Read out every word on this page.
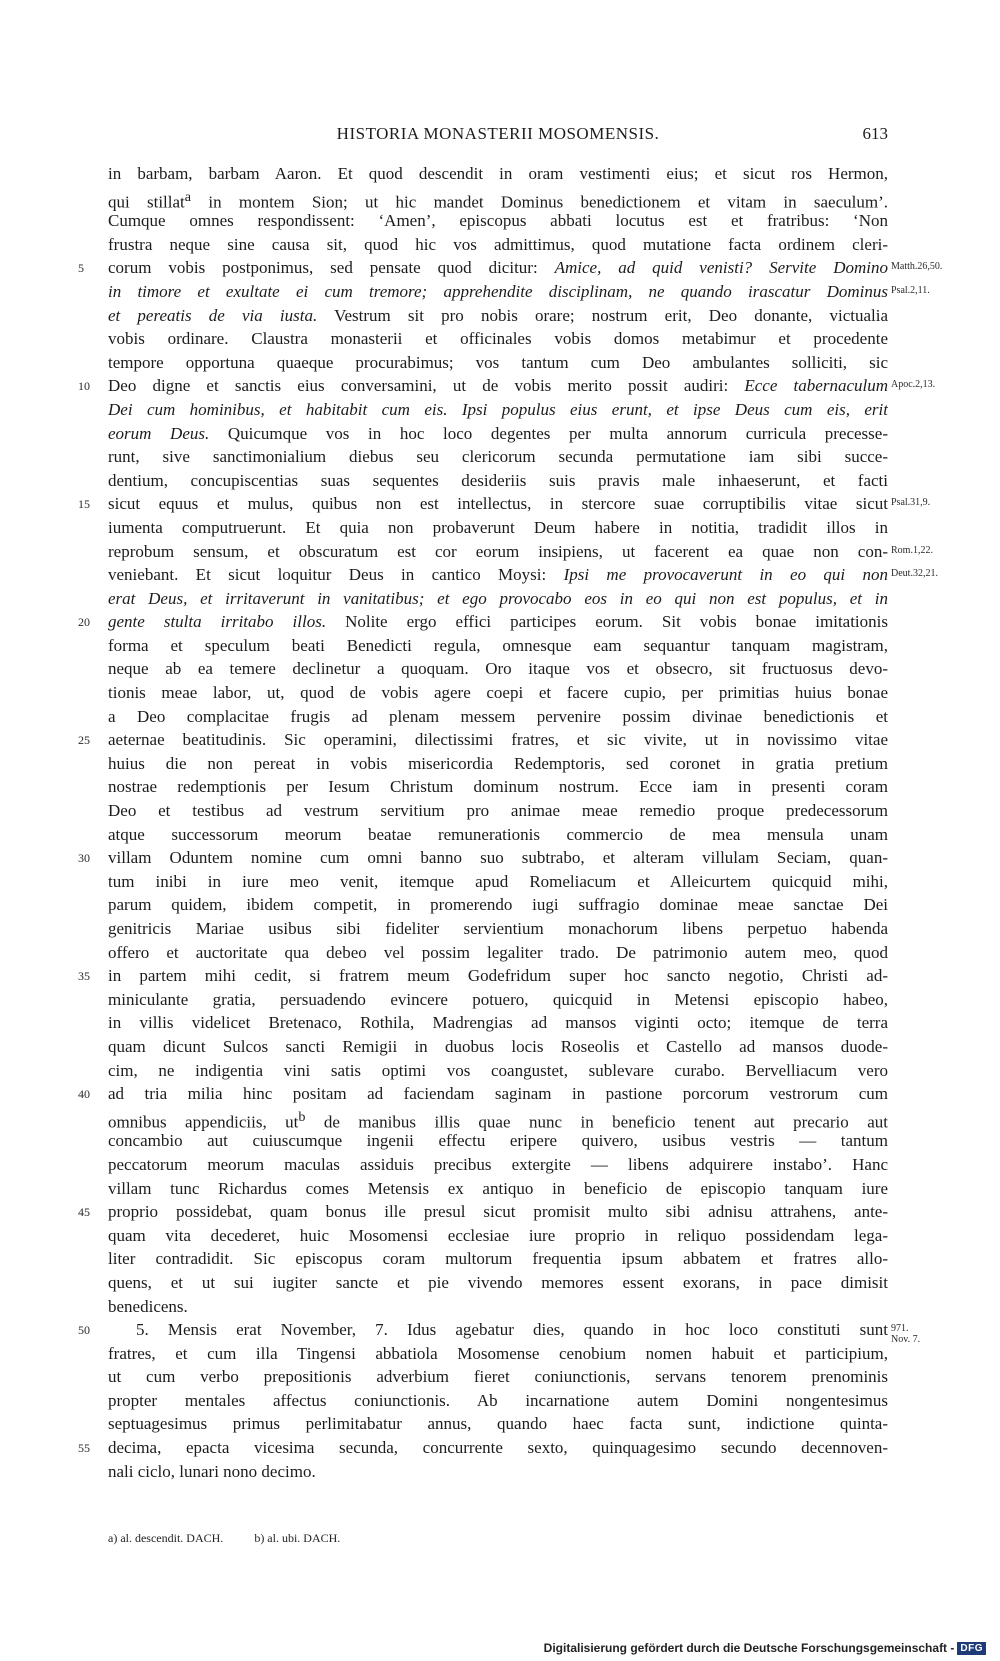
HISTORIA MONASTERII MOSOMENSIS.	613
in barbam, barbam Aaron. Et quod descendit in oram vestimenti eius; et sicut ros Hermon,
qui stillat$^a$ in montem Sion; ut hic mandet Dominus benedictionem et vitam in saeculum’.
Cumque omnes respondissent: ‘Amen’, episcopus abbati locutus est et fratribus: ‘Non
frustra neque sine causa sit, quod hic vos admittimus, quod mutatione facta ordinem cleri-
5	corum vobis postponimus, sed pensate quod dicitur: Amice, ad quid venisti? Servite Domino Matth.26,50.
in timore et exultate ei cum tremore; apprehendite disciplinam, ne quando irascatur Dominus Psal.2,11.
et pereatis de via iusta. Vestrum sit pro nobis orare; nostrum erit, Deo donante, victualia
vobis ordinare. Claustra monasterii et officinales vobis domos metabimur et procedente
tempore opportuna quaeque procurabimus; vos tantum cum Deo ambulantes solliciti, sic
10	Deo digne et sanctis eius conversamini, ut de vobis merito possit audiri: Ecce tabernaculum Apoc.2,13.
Dei cum hominibus, et habitabit cum eis. Ipsi populus eius erunt, et ipse Deus cum eis, erit
eorum Deus. Quicumque vos in hoc loco degentes per multa annorum curricula precesse-
runt, sive sanctimonialium diebus seu clericorum secunda permutatione iam sibi succe-
dentium, concupiscentias suas sequentes desideriis suis pravis male inhaeserunt, et facti
15	sicut equus et mulus, quibus non est intellectus, in stercore suae corruptibilis vitae sicut Psal.31,9.
iumenta computruerunt. Et quia non probaverunt Deum habere in notitia, tradidit illos in
reprobum sensum, et obscuratum est cor eorum insipiens, ut facerent ea quae non con- Rom.1,22.
veniebant. Et sicut loquitur Deus in cantico Moysi: Ipsi me provocaverunt in eo qui non Deut.32,21.
erat Deus, et irritaverunt in vanitatibus; et ego provocabo eos in eo qui non est populus, et in
20	gente stulta irritabo illos. Nolite ergo effici participes eorum. Sit vobis bonae imitationis
forma et speculum beati Benedicti regula, omnesque eam sequantur tanquam magistram,
neque ab ea temere declinetur a quoquam. Oro itaque vos et obsecro, sit fructuosus devo-
tionis meae labor, ut, quod de vobis agere coepi et facere cupio, per primitias huius bonae
a Deo complacitae frugis ad plenam messem pervenire possim divinae benedictionis et
25	aeternae beatitudinis. Sic operamini, dilectissimi fratres, et sic vivite, ut in novissimo vitae
huius die non pereat in vobis misericordia Redemptoris, sed coronet in gratia pretium
nostrae redemptionis per Iesum Christum dominum nostrum. Ecce iam in presenti coram
Deo et testibus ad vestrum servitium pro animae meae remedio proque predecessorum
atque successorum meorum beatae remunerationis commercio de mea mensula unam
30	villam Oduntem nomine cum omni banno suo subtrabo, et alteram villulam Seciam, quan-
tum inibi in iure meo venit, itemque apud Romeliacum et Alleicurtem quicquid mihi,
parum quidem, ibidem competit, in promerendo iugi suffragio dominae meae sanctae Dei
genitricis Mariae usibus sibi fideliter servientium monachorum libens perpetuo habenda
offero et auctoritate qua debeo vel possim legaliter trado. De patrimonio autem meo, quod
35	in partem mihi cedit, si fratrem meum Godefridum super hoc sancto negotio, Christi ad-
miniculante gratia, persuadendo evincere potuero, quicquid in Metensi episcopio habeo,
in villis videlicet Bretenaco, Rothila, Madrengias ad mansos viginti octo; itemque de terra
quam dicunt Sulcos sancti Remigii in duobus locis Roseolis et Castello ad mansos duode-
cim, ne indigentia vini satis optimi vos coangustet, sublevare curabo. Bervelliacum vero
40	ad tria milia hinc positam ad faciendam saginam in pastione porcorum vestrorum cum
omnibus appendiciis, $ut^b$ de manibus illis quae nunc in beneficio tenent aut precario aut
concambio aut cuiuscumque ingenii effectu eripere quivero, usibus vestris — tantum
peccatorum meorum maculas assiduis precibus extergite — libens adquirere instabo’. Hanc
villam tunc Richardus comes Metensis ex antiquo in beneficio de episcopio tanquam iure
45	proprio possidebat, quam bonus ille presul sicut promisit multo sibi adnisu attrahens, ante-
quam vita decederet, huic Mosomensi ecclesiae iure proprio in reliquo possidendam lega-
liter contradidit. Sic episcopus coram multorum frequentia ipsum abbatem et fratres allo-
quens, et ut sui iugiter sancte et pie vivendo memores essent exorans, in pace dimisit
benedicens.
50	5. Mensis erat November, 7. Idus agebatur dies, quando in hoc loco constituti sunt 971.
Nov. 7.
fratres, et cum illa Tingensi abbatiola Mosomense cenobium nomen habuit et participium,
ut cum verbo prepositionis adverbium fieret coniunctionis, servans tenorem prenominis
propter mentales affectus coniunctionis. Ab incarnatione autem Domini nongentesimus
septuagesimus primus perlimitabatur annus, quando haec facta sunt, indictione quinta-
55	decima, epacta vicesima secunda, concurrente sexto, quinquagesimo secundo decennoven-
nali ciclo, lunari nono decimo.
a) al. descendit. DACH.	b) al. ubi. DACH.
Digitalisierung gefördert durch die Deutsche Forschungsgemeinschaft - DFG
